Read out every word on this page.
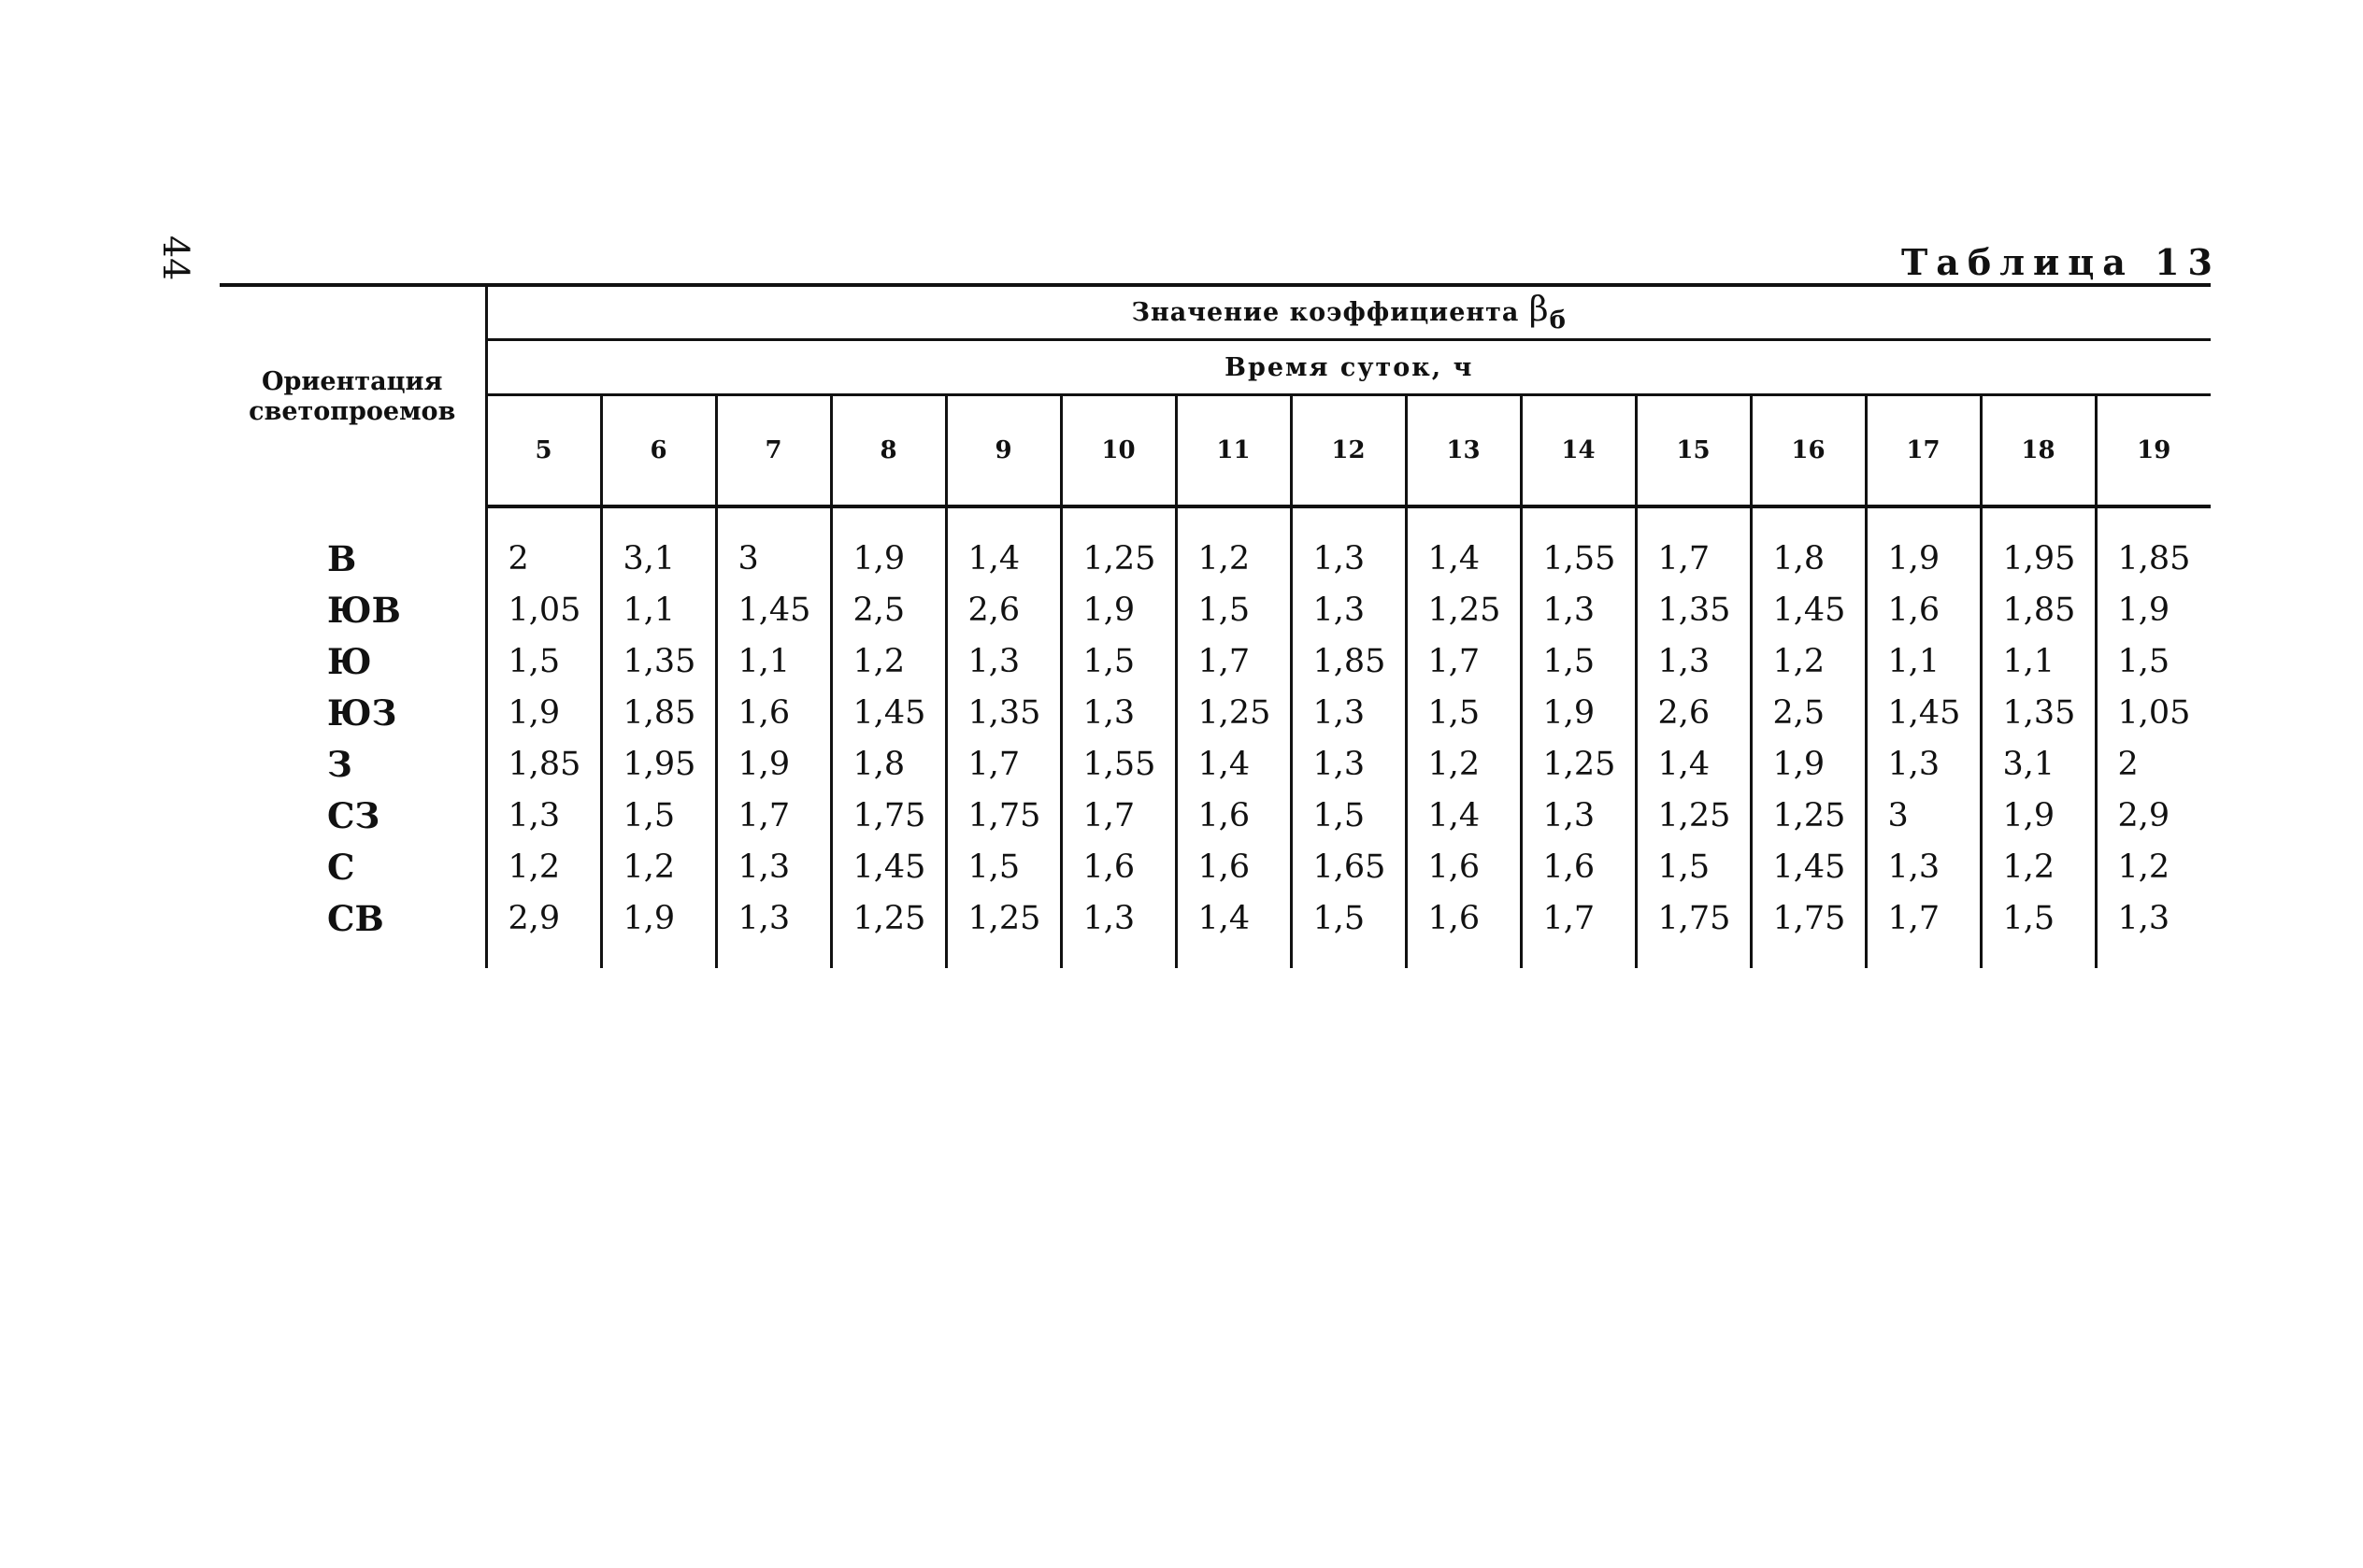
44	Таблица 13
Ориентация
светопроемов	Значение коэффициента $\beta_б$
	Время суток, ч														
	5	6	7	8	9	10	11	12	13	14	15	16	17	18	19

В	2	3,1	3	1,9	1,4	1,25	1,2	1,3	1,4	1,55	1,7	1,8	1,9	1,95	1,85
ЮВ	1,05	1,1	1,45	2,5	2,6	1,9	1,5	1,3	1,25	1,3	1,35	1,45	1,6	1,85	1,9
Ю	1,5	1,35	1,1	1,2	1,3	1,5	1,7	1,85	1,7	1,5	1,3	1,2	1,1	1,1	1,5
ЮЗ	1,9	1,85	1,6	1,45	1,35	1,3	1,25	1,3	1,5	1,9	2,6	2,5	1,45	1,35	1,05
З	1,85	1,95	1,9	1,8	1,7	1,55	1,4	1,3	1,2	1,25	1,4	1,9	1,3	3,1	2
СЗ	1,3	1,5	1,7	1,75	1,75	1,7	1,6	1,5	1,4	1,3	1,25	1,25	3	1,9	2,9
С	1,2	1,2	1,3	1,45	1,5	1,6	1,6	1,65	1,6	1,6	1,5	1,45	1,3	1,2	1,2
СВ	2,9	1,9	1,3	1,25	1,25	1,3	1,4	1,5	1,6	1,7	1,75	1,75	1,7	1,5	1,3
